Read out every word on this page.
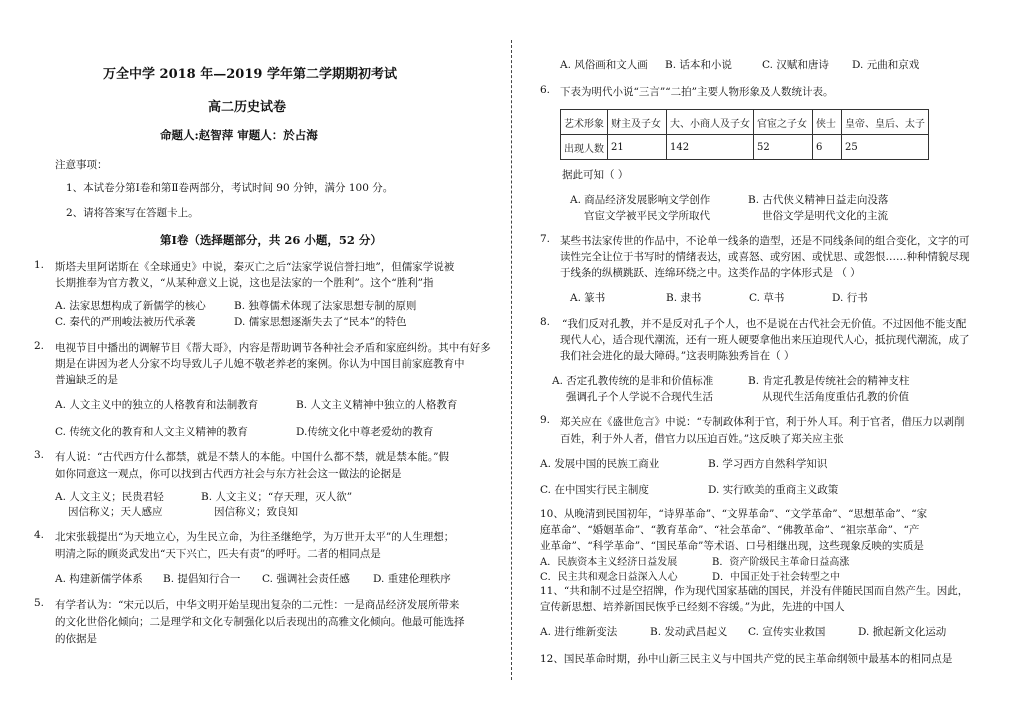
万全中学 2018 年—2019 学年第二学期期初考试
高二历史试卷
命题人:赵智萍 审题人：於占海
注意事项：
1、本试卷分第Ⅰ卷和第Ⅱ卷两部分，考试时间 90 分钟，满分 100 分。
2、请将答案写在答题卡上。
第Ⅰ卷（选择题部分，共 26 小题，52 分）
1. 斯塔夫里阿诺斯在《全球通史》中说，秦灭亡之后“法家学说信誉扫地”，但儒家学说被
长期推奉为官方教义，“从某种意义上说，这也是法家的一个胜利”。这个“胜利”指
A. 法家思想构成了新儒学的核心	B. 独尊儒术体现了法家思想专制的原则
C. 秦代的严刑峻法被历代承袭	D. 儒家思想逐渐失去了“民本”的特色
2. 电视节目中播出的调解节目《帮大哥》，内容是帮助调节各种社会矛盾和家庭纠纷。其中有好多
期是在讲因为老人分家不均导致儿子儿媳不敬老养老的案例。你认为中国目前家庭教育中
普遍缺乏的是
A. 人文主义中的独立的人格教育和法制教育	B. 人文主义精神中独立的人格教育
C. 传统文化的教育和人文主义精神的教育	D.传统文化中尊老爱幼的教育
3. 有人说：“古代西方什么都禁，就是不禁人的本能。中国什么都不禁，就是禁本能。”假
如你同意这一观点，你可以找到古代西方社会与东方社会这一做法的论据是
A. 人文主义；民贵君轻	B. 人文主义；“存天理，灭人欲”
因信称义；天人感应	因信称义；致良知
4. 北宋张载提出“为天地立心，为生民立命，为往圣继绝学，为万世开太平”的人生理想；
明清之际的顾炎武发出“天下兴亡，匹夫有责”的呼吁。二者的相同点是
A. 构建新儒学体系 B. 提倡知行合一 C. 强调社会责任感 D. 重建伦理秩序
5. 有学者认为：“宋元以后，中华文明开始呈现出复杂的二元性：一是商品经济发展所带来
的文化世俗化倾向；二是理学和文化专制强化以后表现出的高雅文化倾向。他最可能选择
的依据是
A. 风俗画和文人画 B. 话本和小说	C. 汉赋和唐诗 D. 元曲和京戏
6. 下表为明代小说“三言”“二拍”主要人物形象及人数统计表。
艺术形象	财主及子女	大、小商人及子女	官宦之子女	侠士	皇帝、皇后、太子
出现人数	21	142	52	6	25
据此可知（ ）
A. 商品经济发展影响文学创作	B. 古代侠义精神日益走向没落
官宦文学被平民文学所取代	世俗文学是明代文化的主流
7. 某些书法家传世的作品中，不论单一线条的造型，还是不同线条间的组合变化，文字的可
读性完全让位于书写时的情绪表达，或喜怒、或穷困、或忧思、或怨恨……种种情貌尽现
于线条的纵横跳跃、连绵环绕之中。这类作品的字体形式是 （ ）
A. 篆书	B. 隶书	C. 草书	D. 行书
8. “我们反对孔教，并不是反对孔子个人，也不是说在古代社会无价值。不过因他不能支配
现代人心，适合现代潮流，还有一班人硬要拿他出来压迫现代人心，抵抗现代潮流，成了
我们社会进化的最大障碍。”这表明陈独秀旨在（ ）
A. 否定孔教传统的是非和价值标准	B. 肯定孔教是传统社会的精神支柱
强调孔子个人学说不合现代生活	从现代生活角度重估孔教的价值
9. 郑关应在《盛世危言》中说：“专制政体利于官，利于外人耳。利于官者，借压力以剥削
百姓，利于外人者，借官力以压迫百姓。”这反映了郑关应主张
A. 发展中国的民族工商业	B. 学习西方自然科学知识
C. 在中国实行民主制度	D. 实行欧美的重商主义政策
10、从晚清到民国初年，“诗界革命”、“文界革命”、“文学革命”、“思想革命”、“家
庭革命”、“婚姻革命”、“教育革命”、“社会革命”、“佛教革命”、“祖宗革命”、“产
业革命”、“科学革命”、“国民革命”等术语、口号相继出现，这些现象反映的实质是
A．民族资本主义经济日益发展	B．资产阶级民主革命日益高涨
C．民主共和观念日益深入人心	D．中国正处于社会转型之中
11、“共和制不过是空招牌，作为现代国家基础的国民，并没有伴随民国而自然产生。因此，
宣传新思想、培养新国民恢乎已经刻不容缓。”为此，先进的中国人
A. 进行维新变法	B. 发动武昌起义 C. 宣传实业救国	D. 掀起新文化运动
12、国民革命时期，孙中山新三民主义与中国共产党的民主革命纲领中最基本的相同点是
